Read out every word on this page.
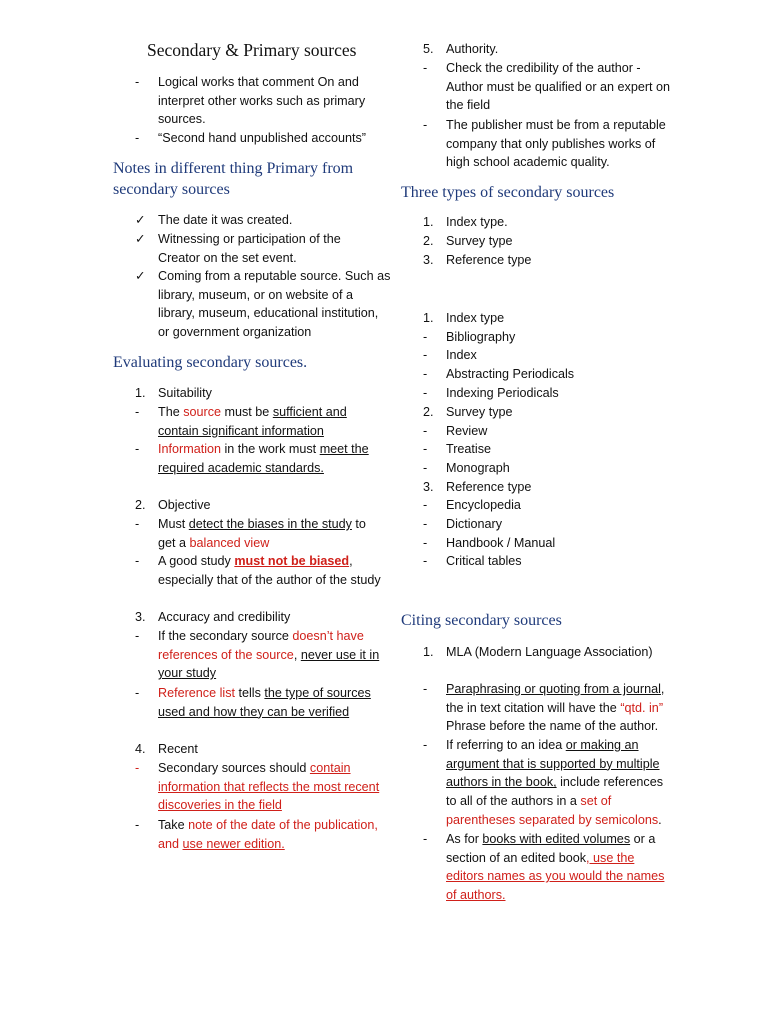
Secondary & Primary sources
-	Logical works that comment On and
interpret other works such as primary
sources.
-	“Second hand unpublished accounts”
Notes in different thing Primary from
secondary sources
✓ The date it was created.
✓ Witnessing or participation of the
Creator on the set event.
✓ Coming from a reputable source. Such as
library, museum, or on website of a
library, museum, educational institution,
or government organization
Evaluating secondary sources.
1. Suitability
-	The source must be sufficient and
contain significant information
-	Information in the work must meet the
required academic standards.
2. Objective
-	Must detect the biases in the study to
get a balanced view
-	A good study must not be biased,
especially that of the author of the study
3. Accuracy and credibility
-	If the secondary source doesn’t have
references of the source, never use it in
your study
-	Reference list tells the type of sources
used and how they can be verified
4. Recent
-	Secondary sources should contain
information that reflects the most recent
discoveries in the field
-	Take note of the date of the publication,
and use newer edition.
5. Authority.
-	Check the credibility of the author -
Author must be qualified or an expert on
the field
-	The publisher must be from a reputable
company that only publishes works of
high school academic quality.
Three types of secondary sources
1. Index type.
2. Survey type
3. Reference type
1. Index type
-	Bibliography
-	Index
-	Abstracting Periodicals
-	Indexing Periodicals
2. Survey type
-	Review
-	Treatise
-	Monograph
3. Reference type
-	Encyclopedia
-	Dictionary
-	Handbook / Manual
-	Critical tables
Citing secondary sources
1. MLA (Modern Language Association)
-	Paraphrasing or quoting from a journal,
the in text citation will have the “qtd. in”
Phrase before the name of the author.
-	If referring to an idea or making an
argument that is supported by multiple
authors in the book, include references
to all of the authors in a set of
parentheses separated by semicolons.
-	As for books with edited volumes or a
section of an edited book, use the
editors names as you would the names
of authors.
